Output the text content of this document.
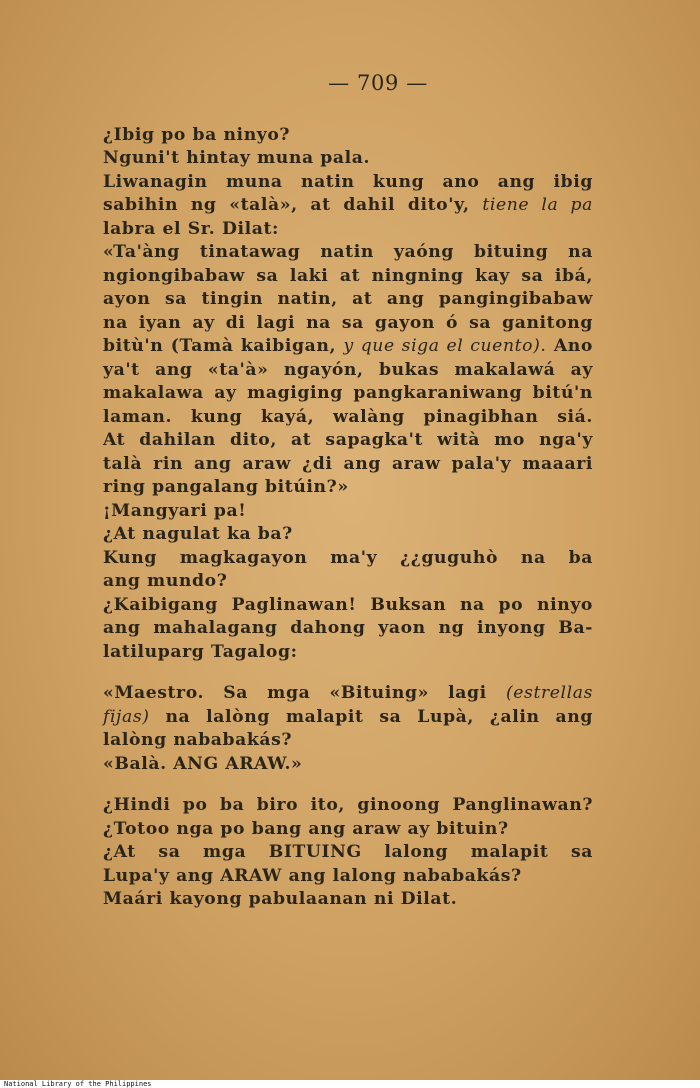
— 709 —

¿Ibig po ba ninyo?

Nguni't hintay muna pala.

Liwanagin muna natin kung ano ang ibig

sabihin ng «talà», at dahil dito'y, tiene la pa

labra el Sr. Dilat:

«Ta'àng tinatawag natin yaóng bituing na

ngiongibabaw sa laki at ningning kay sa ibá,

ayon sa tingin natin, at ang pangingibabaw

na iyan ay di lagi na sa gayon ó sa ganitong

bitù'n (Tamà kaibigan, y que siga el cuento). Ano

ya't ang «ta'à» ngayón, bukas makalawá ay

makalawa ay magiging pangkaraniwang bitú'n

laman. kung kayá, walàng pinagibhan siá.

At dahilan dito, at sapagka't wità mo nga'y

talà rin ang araw ¿di ang araw pala'y maaari

ring pangalang bitúin?»

¡Mangyari pa!

¿At nagulat ka ba?

Kung magkagayon ma'y ¿¿guguhò na ba

ang mundo?

¿Kaibigang Paglinawan! Buksan na po ninyo

ang mahalagang dahong yaon ng inyong Ba-

latiluparg Tagalog:

«Maestro. Sa mga «Bituing» lagi (estrellas

fijas) na lalòng malapit sa Lupà, ¿alin ang

lalòng nababakás?

«Balà. ANG ARAW.»

¿Hindi po ba biro ito, ginoong Panglinawan?

¿Totoo nga po bang ang araw ay bituin?

¿At sa mga BITUING lalong malapit sa

Lupa'y ang ARAW ang lalong nababakás?

Maári kayong pabulaanan ni Dilat.

National Library of the Philippines
